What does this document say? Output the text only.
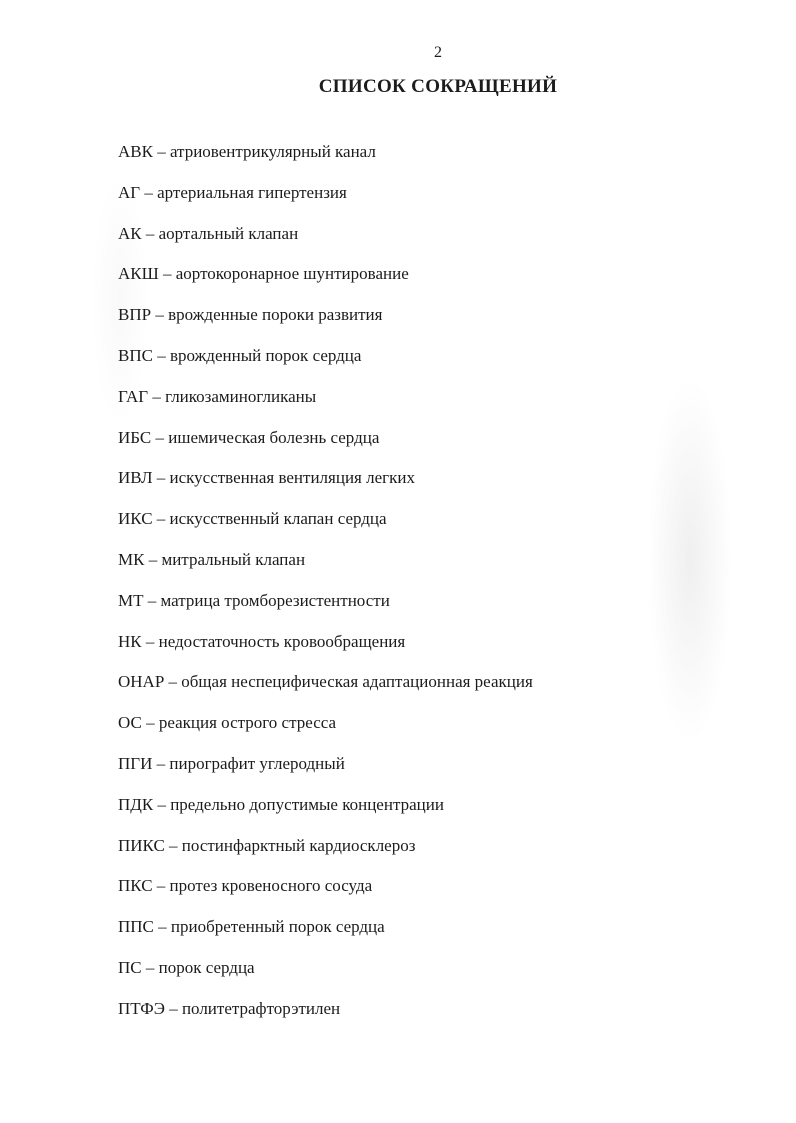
2
СПИСОК СОКРАЩЕНИЙ
АВК – атриовентрикулярный канал
АГ – артериальная гипертензия
АК – аортальный клапан
АКШ – аортокоронарное шунтирование
ВПР – врожденные пороки развития
ВПС – врожденный порок сердца
ГАГ – гликозаминогликаны
ИБС – ишемическая болезнь сердца
ИВЛ – искусственная вентиляция легких
ИКС – искусственный клапан сердца
МК – митральный клапан
МТ – матрица тромборезистентности
НК – недостаточность кровообращения
ОНАР – общая неспецифическая адаптационная реакция
ОС – реакция острого стресса
ПГИ – пирографит углеродный
ПДК – предельно допустимые концентрации
ПИКС – постинфарктный кардиосклероз
ПКС – протез кровеносного сосуда
ППС – приобретенный порок сердца
ПС – порок сердца
ПТФЭ – политетрафторэтилен
